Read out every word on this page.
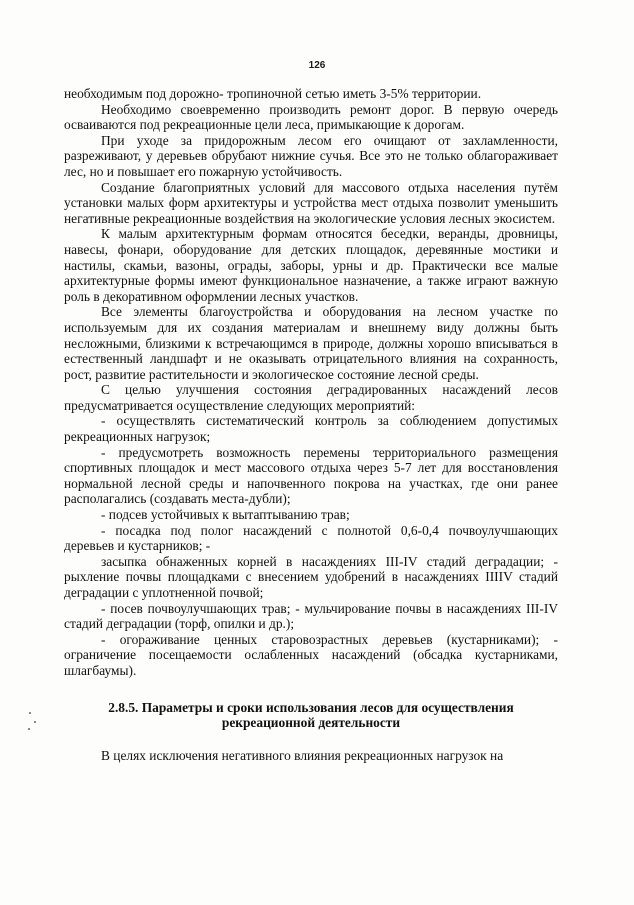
126

необходимым под дорожно- тропиночной сетью иметь 3-5% территории.

Необходимо своевременно производить ремонт дорог. В первую очередь осваиваются под рекреационные цели леса, примыкающие к дорогам.

При уходе за придорожным лесом его очищают от захламленности, разреживают, у деревьев обрубают нижние сучья. Все это не только облагораживает лес, но и повышает его пожарную устойчивость.

Создание благоприятных условий для массового отдыха населения путём установки малых форм архитектуры и устройства мест отдыха позволит уменьшить негативные рекреационные воздействия на экологические условия лесных экосистем.

К малым архитектурным формам относятся беседки, веранды, дровницы, навесы, фонари, оборудование для детских площадок, деревянные мостики и настилы, скамьи, вазоны, ограды, заборы, урны и др. Практически все малые архитектурные формы имеют функциональное назначение, а также играют важную роль в декоративном оформлении лесных участков.

Все элементы благоустройства и оборудования на лесном участке по используемым для их создания материалам и внешнему виду должны быть несложными, близкими к встречающимся в природе, должны хорошо вписываться в естественный ландшафт и не оказывать отрицательного влияния на сохранность, рост, развитие растительности и экологическое состояние лесной среды.

С целью улучшения состояния деградированных насаждений лесов предусматривается осуществление следующих мероприятий:

- осуществлять систематический контроль за соблюдением допустимых рекреационных нагрузок;

- предусмотреть возможность перемены территориального размещения спортивных площадок и мест массового отдыха через 5-7 лет для восстановления нормальной лесной среды и напочвенного покрова на участках, где они ранее располагались (создавать места-дубли);

- подсев устойчивых к вытаптыванию трав;

- посадка под полог насаждений с полнотой 0,6-0,4 почвоулучшающих деревьев и кустарников; -

засыпка обнаженных корней в насаждениях III-IV стадий деградации; - рыхление почвы площадками с внесением удобрений в насаждениях IIIIV стадий деградации с уплотненной почвой;

- посев почвоулучшающих трав; - мульчирование почвы в насаждениях III-IV стадий деградации (торф, опилки и др.);

- огораживание ценных старовозрастных деревьев (кустарниками); - ограничение посещаемости ослабленных насаждений (обсадка кустарниками, шлагбаумы).

2.8.5. Параметры и сроки использования лесов для осуществления
рекреационной деятельности

В целях исключения негативного влияния рекреационных нагрузок на
